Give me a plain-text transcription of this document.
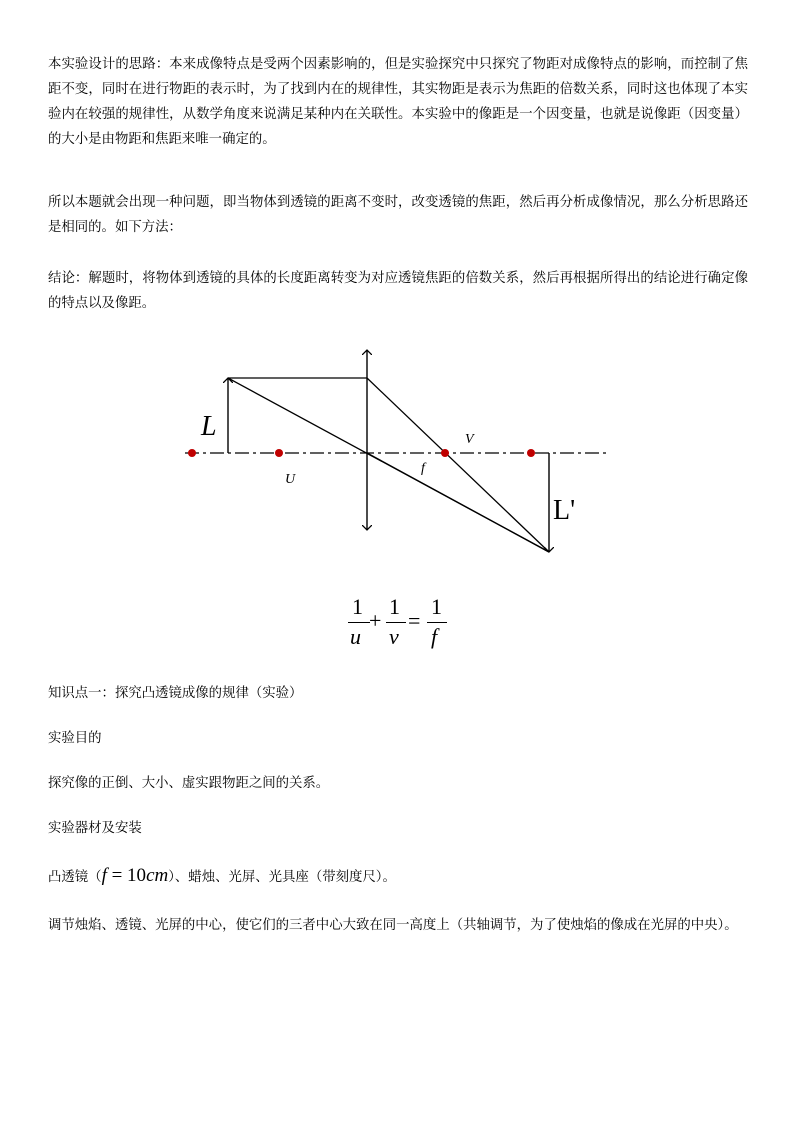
本实验设计的思路：本来成像特点是受两个因素影响的，但是实验探究中只探究了物距对成像特点的影响，而控制了焦距不变，同时在进行物距的表示时，为了找到内在的规律性，其实物距是表示为焦距的倍数关系，同时这也体现了本实验内在较强的规律性，从数学角度来说满足某种内在关联性。本实验中的像距是一个因变量，也就是说像距（因变量）的大小是由物距和焦距来唯一确定的。

所以本题就会出现一种问题，即当物体到透镜的距离不变时，改变透镜的焦距，然后再分析成像情况，那么分析思路还是相同的。如下方法：

结论：解题时，将物体到透镜的具体的长度距离转变为对应透镜焦距的倍数关系，然后再根据所得出的结论进行确定像的特点以及像距。

L
U
V
f
L'
1
u
+
1
v
=
1
f

知识点一：探究凸透镜成像的规律（实验）

实验目的

探究像的正倒、大小、虚实跟物距之间的关系。

实验器材及安装

凸透镜（f = 10cm）、蜡烛、光屏、光具座（带刻度尺）。

调节烛焰、透镜、光屏的中心，使它们的三者中心大致在同一高度上（共轴调节，为了使烛焰的像成在光屏的中央）。
